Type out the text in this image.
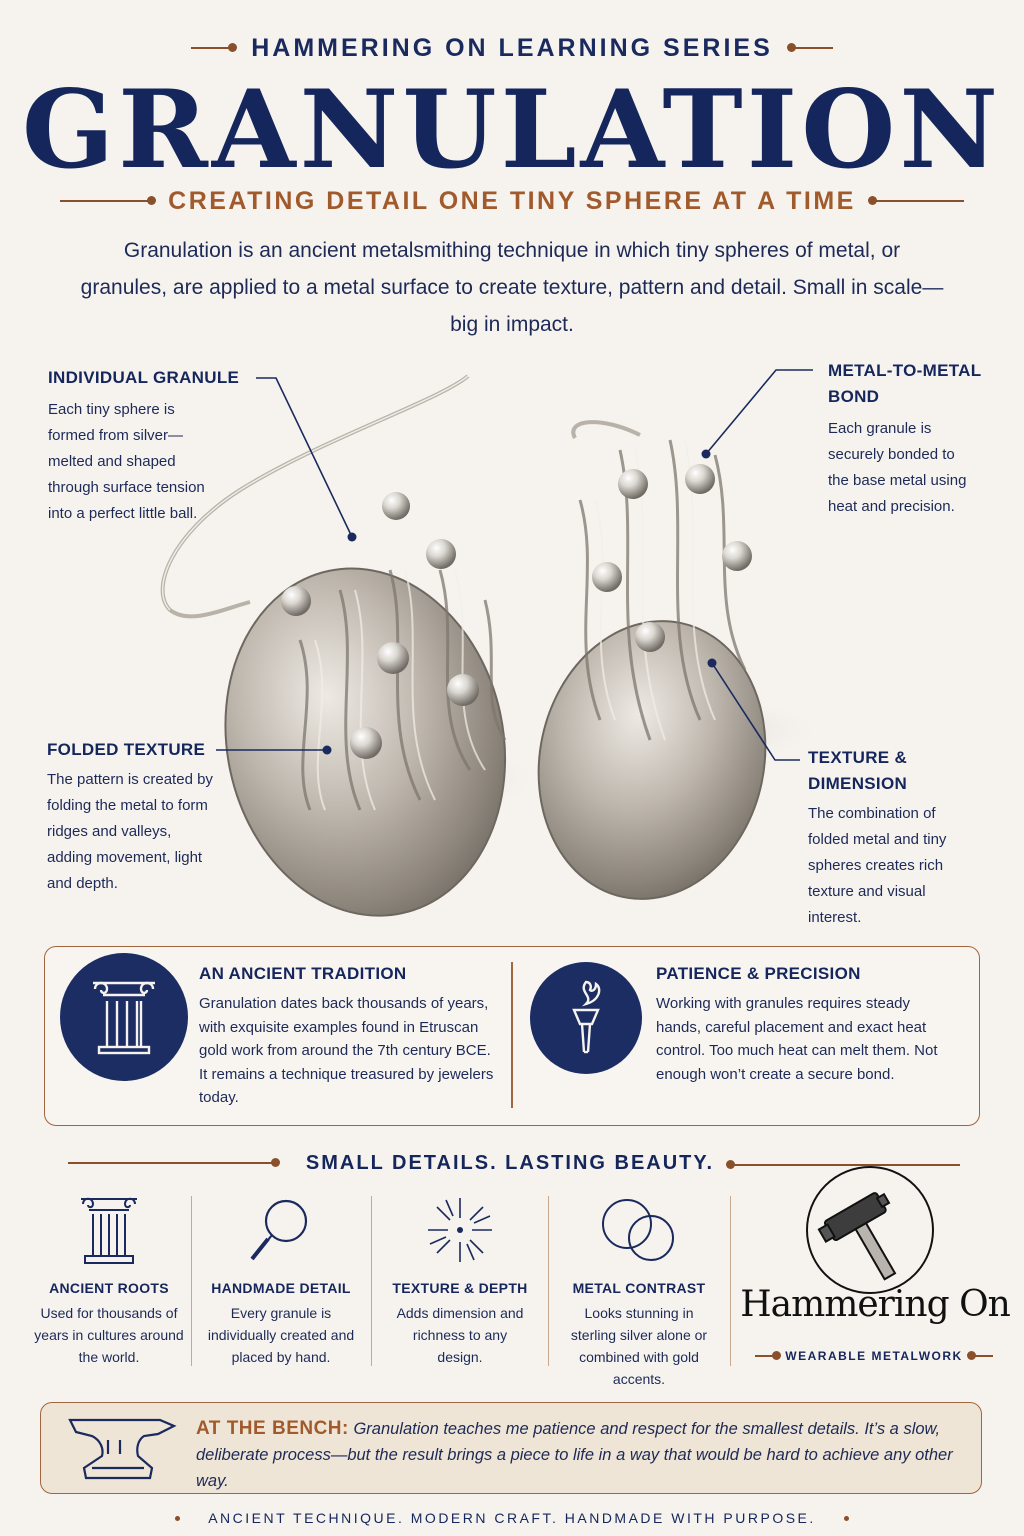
HAMMERING ON LEARNING SERIES
GRANULATION
CREATING DETAIL ONE TINY SPHERE AT A TIME
Granulation is an ancient metalsmithing technique in which tiny spheres of metal, or granules, are applied to a metal surface to create texture, pattern and detail. Small in scale—big in impact.
INDIVIDUAL GRANULE
Each tiny sphere is formed from silver—melted and shaped through surface tension into a perfect little ball.
METAL-TO-METAL BOND
Each granule is securely bonded to the base metal using heat and precision.
FOLDED TEXTURE
The pattern is created by folding the metal to form ridges and valleys, adding movement, light and depth.
TEXTURE & DIMENSION
The combination of folded metal and tiny spheres creates rich texture and visual interest.
AN ANCIENT TRADITION
Granulation dates back thousands of years, with exquisite examples found in Etruscan gold work from around the 7th century BCE. It remains a technique treasured by jewelers today.
PATIENCE & PRECISION
Working with granules requires steady hands, careful placement and exact heat control. Too much heat can melt them. Not enough won’t create a secure bond.
SMALL DETAILS. LASTING BEAUTY.
ANCIENT ROOTS
Used for thousands of years in cultures around the world.
HANDMADE DETAIL
Every granule is individually created and placed by hand.
TEXTURE & DEPTH
Adds dimension and richness to any design.
METAL CONTRAST
Looks stunning in sterling silver alone or combined with gold accents.
Hammering On
WEARABLE METALWORK
AT THE BENCH: Granulation teaches me patience and respect for the smallest details. It’s a slow, deliberate process—but the result brings a piece to life in a way that would be hard to achieve any other way.
ANCIENT TECHNIQUE. MODERN CRAFT. HANDMADE WITH PURPOSE.
